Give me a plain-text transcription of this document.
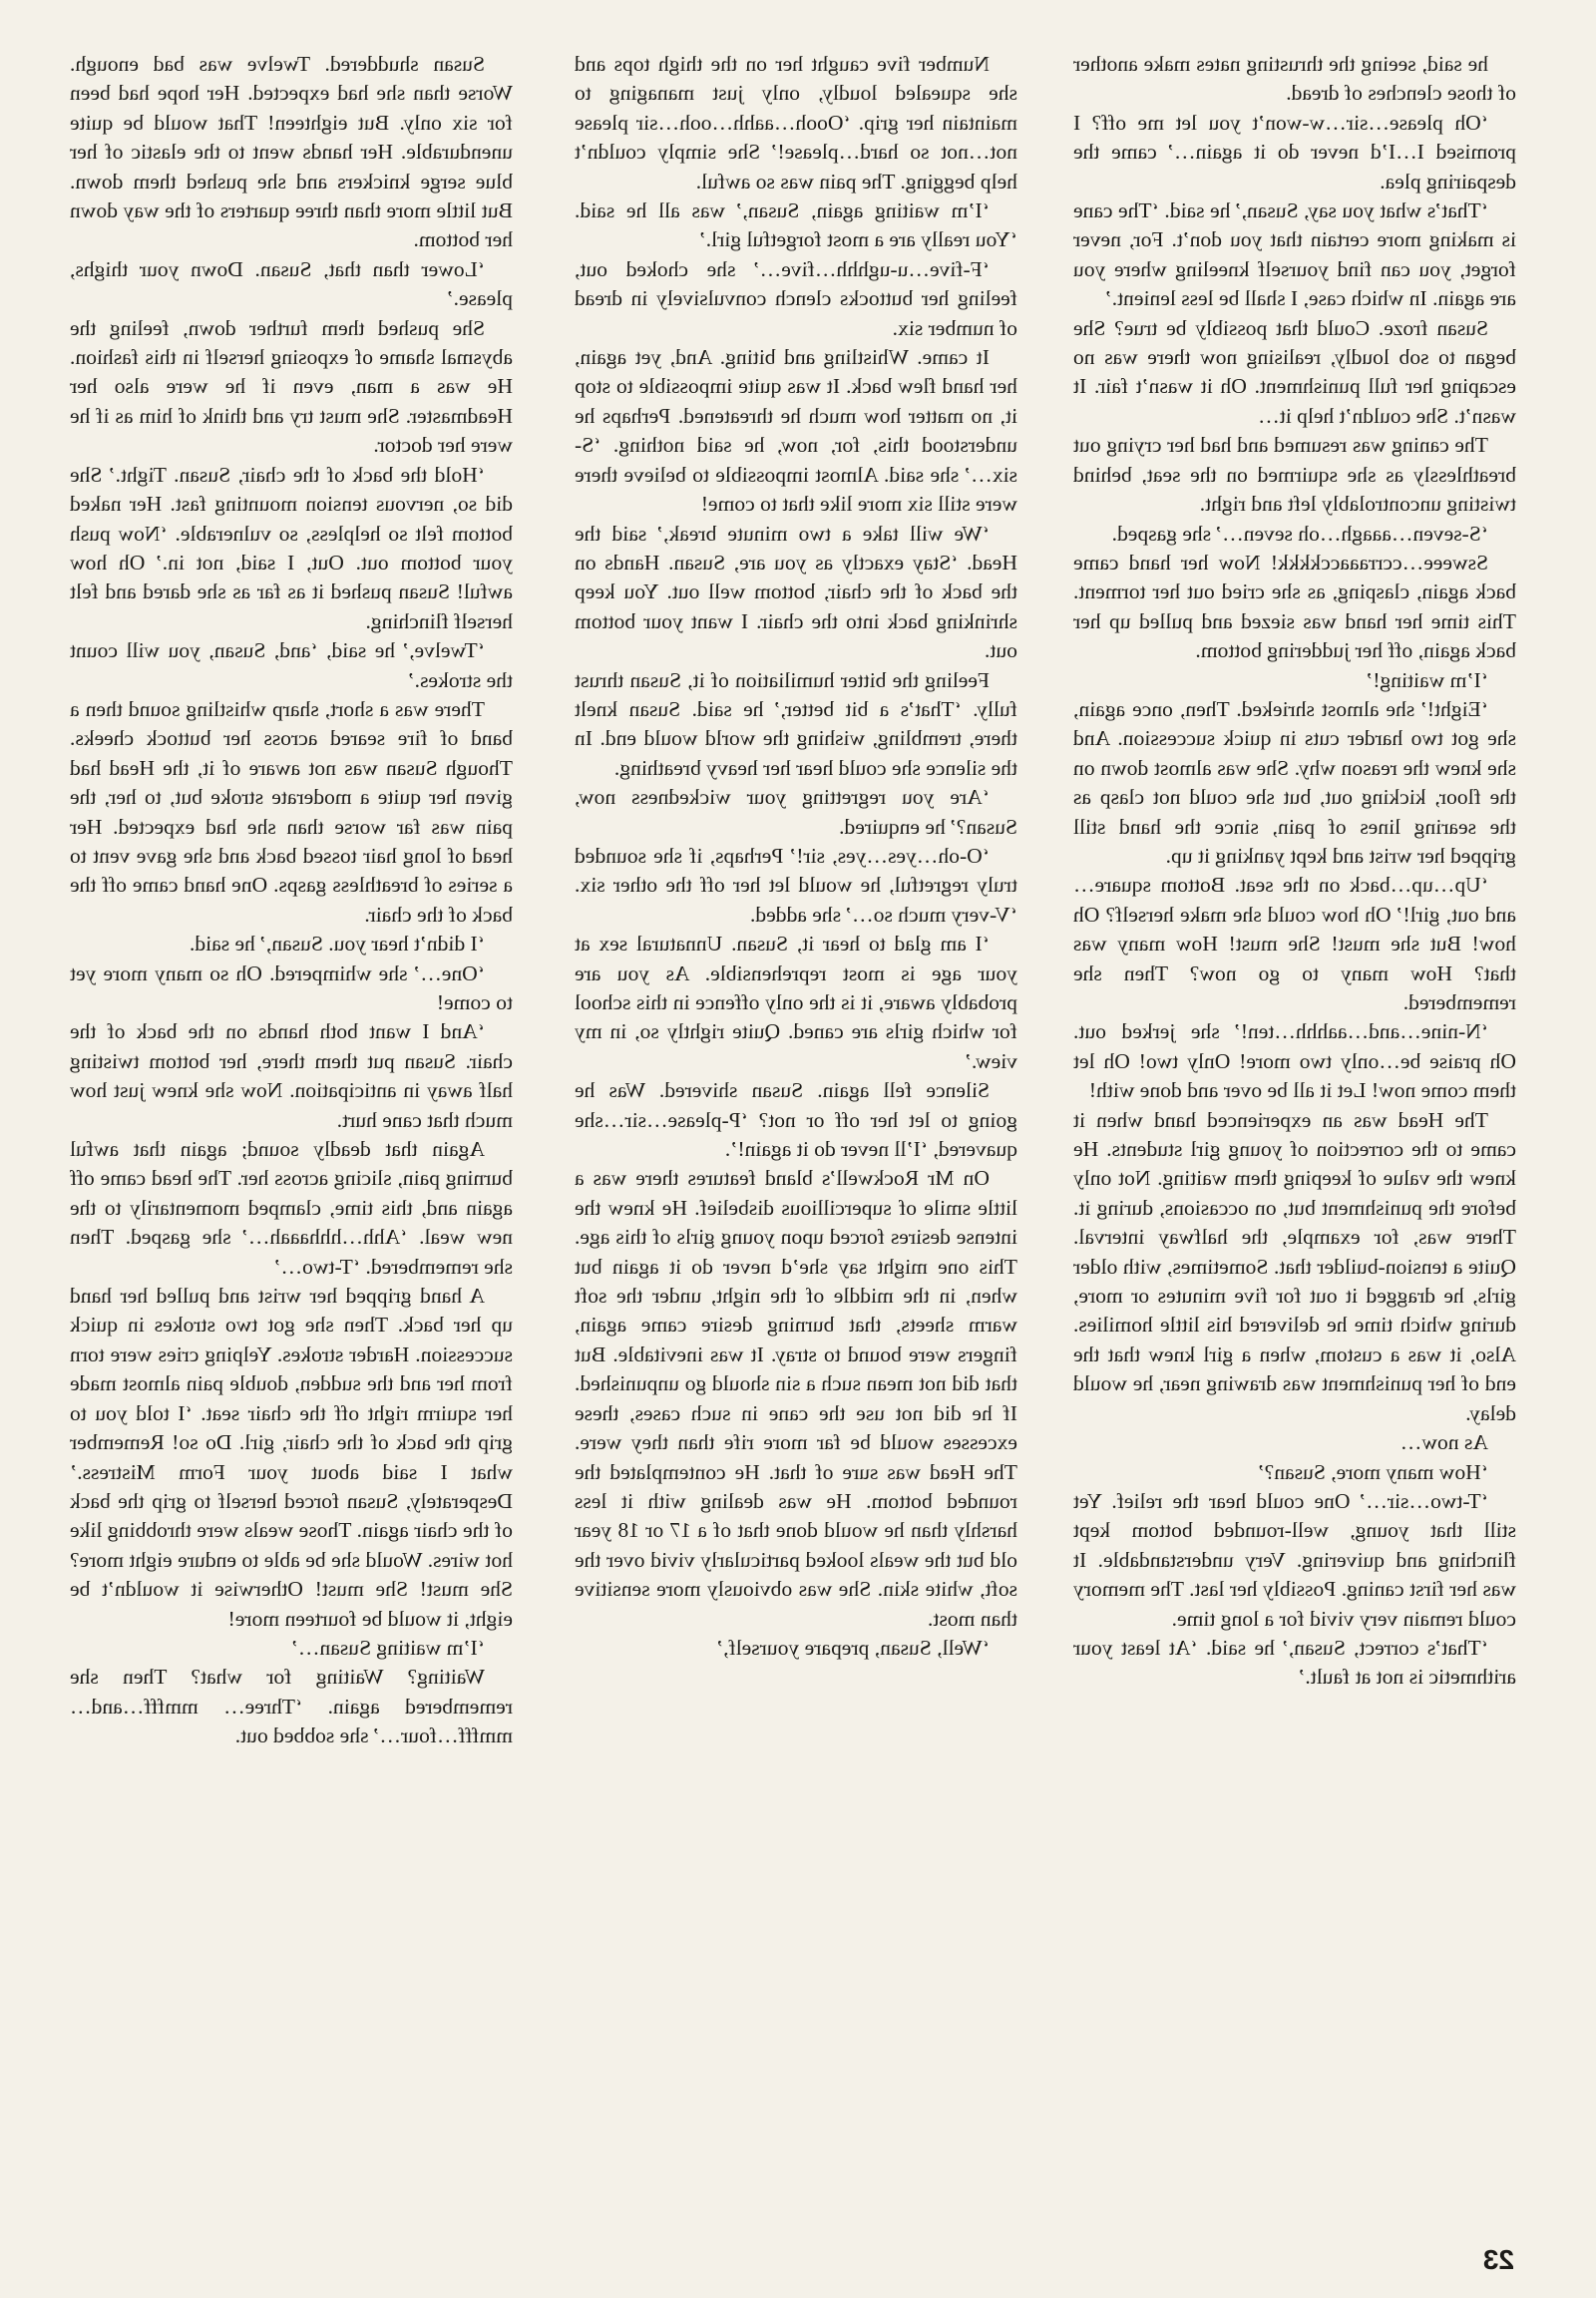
he said, seeing the thrusting nates make another of those clenches of dread.

‘Oh please…sir…w-won’t you let me off? I promised I…I’d never do it again…’ came the despairing plea.

‘That’s what you say, Susan,’ he said. ‘The cane is making more certain that you don’t. For, never forget, you can find yourself kneeling where you are again. In which case, I shall be less lenient.’

Susan froze. Could that possibly be true? She began to sob loudly, realising now there was no escaping her full punishment. Oh it wasn’t fair. It wasn’t. She couldn’t help it…

The caning was resumed and had her crying out breathlessly as she squirmed on the seat, behind twisting uncontrolably left and right.

‘S-seven…aaagh…oh seven…’ she gasped.

Ssweee…ccrraaacckkkk! Now her hand came back again, clasping, as she cried out her torment. This time her hand was siezed and pulled up her back again, off her juddering bottom.

‘I’m waiting!’

‘Eight!’ she almost shrieked. Then, once again, she got two harder cuts in quick succession. And she knew the reason why. She was almost down on the floor, kicking out, but she could not clasp as the searing lines of pain, since the hand still gripped her wrist and kept yanking it up.

‘Up…up…back on the seat. Bottom square…and out, girl!’ Oh how could she make herself? Oh how! But she must! She must! How many was that? How many to go now? Then she remembered.

‘N-nine…and…aahhh…ten!’ she jerked out. Oh praise be…only two more! Only two! Oh let them come now! Let it all be over and done with!

The Head was an experienced hand when it came to the correction of young girl students. He knew the value of keeping them waiting. Not only before the punishment but, on occasions, during it. There was, for example, the halfway interval. Quite a tension-builder that. Sometimes, with older girls, he dragged it out for five minutes or more, during which time he delivered his little homilies. Also, it was a custom, when a girl knew that the end of her punishment was drawing near, he would delay.

As now…

‘How many more, Susan?’

‘T-two…sir…’ One could hear the relief. Yet still that young, well-rounded bottom kept flinching and quivering. Very understandable. It was her first caning. Possibly her last. The memory could remain very vivid for a long time.

‘That’s correct, Susan,’ he said. ‘At least your arithmetic is not at fault.’

Number five caught her on the thigh tops and she squealed loudly, only just managing to maintain her grip. ‘Oooh…aahh…ooh…sir please not…not so hard…please!’ She simply couldn’t help begging. The pain was so awful.

‘I’m waiting again, Susan,’ was all he said. ‘You really are a most forgetful girl.’

‘F-five…u-ughhh…five…’ she choked out, feeling her buttocks clench convulsively in dread of number six.

It came. Whistling and biting. And, yet again, her hand flew back. It was quite impossible to stop it, no matter how much he threatened. Perhaps he understood this, for, now, he said nothing. ‘S-six…’ she said. Almost impossible to believe there were still six more like that to come!

‘We will take a two minute break,’ said the Head. ‘Stay exactly as you are, Susan. Hands on the back of the chair, bottom well out. You keep shrinking back into the chair. I want your bottom out.

Feeling the bitter humiliation of it, Susan thrust fully. ‘That’s a bit better,’ he said. Susan knelt there, trembling, wishing the world would end. In the silence she could hear her heavy breathing.

‘Are you regretting your wickedness now, Susan?’ he enquired.

‘O-oh…yes…yes, sir!’ Perhaps, if she sounded truly regretful, he would let her off the other six. ‘V-very much so…’ she added.

‘I am glad to hear it, Susan. Unnatural sex at your age is most reprehensible. As you are probably aware, it is the only offence in this school for which girls are caned. Quite rightly so, in my view.’

Silence fell again. Susan shivered. Was he going to let her off or not? ‘P-please…sir…she quavered, ‘I’ll never do it again!’.

On Mr Rockwell’s bland features there was a little smile of supercillious disbelief. He knew the intense desires forced upon young girls of this age. This one might say she’d never do it again but when, in the middle of the night, under the soft warm sheets, that burning desire came again, fingers were bound to stray. It was inevitable. But that did not mean such a sin should go unpunished. If he did not use the cane in such cases, these excesses would be far more rife than they were. The Head was sure of that. He contemplated the rounded bottom. He was dealing with it less harshly than he would done that of a 17 or 18 year old but the weals looked particularly vivid over the soft, white skin. She was obviously more sensitive than most.

‘Well, Susan, prepare yourself,’

Susan shuddered. Twelve was bad enough. Worse than she had expected. Her hope had been for six only. But eighteen! That would be quite unendurable. Her hands went to the elastic of her blue serge knickers and she pushed them down. But little more than three quarters of the way down her bottom.

‘Lower than that, Susan. Down your thighs, please.’

She pushed them further down, feeling the abysmal shame of exposing herself in this fashion. He was a man, even if he were also her Headmaster. She must try and think of him as if he were her doctor.

‘Hold the back of the chair, Susan. Tight.’ She did so, nervous tension mounting fast. Her naked bottom felt so helpless, so vulnerable. ‘Now push your bottom out. Out, I said, not in.’ Oh how awful! Susan pushed it as far as she dared and felt herself flinching.

‘Twelve,’ he said, ‘and, Susan, you will count the strokes.’

There was a short, sharp whistling sound then a band of fire seared across her buttock cheeks. Though Susan was not aware of it, the Head had given her quite a moderate stroke but, to her, the pain was far worse than she had expected. Her head of long hair tossed back and she gave vent to a series of breathless gasps. One hand came off the back of the chair.

‘I didn’t hear you. Susan,’ he said.

‘One…’ she whimpered. Oh so many more yet to come!

‘And I want both hands on the back of the chair. Susan put them there, her bottom twisting half away in anticipation. Now she knew just how much that cane hurt.

Again that deadly sound; again that awful burning pain, slicing across her. The head came off again and, this time, clamped momentarily to the new weal. ‘Ahh…hhhaaah…’ she gasped. Then she remembered. ‘T-two…’

A hand gripped her wrist and pulled her hand up her back. Then she got two strokes in quick succession. Harder strokes. Yelping cries were torn from her and the sudden, double pain almost made her squirm right off the chair seat. ‘I told you to grip the back of the chair, girl. Do so! Remember what I said about your Form Mistress.’ Desperately, Susan forced herself to grip the back of the chair again. Those weals were throbbing like hot wires. Would she be able to endure eight more? She must! She must! Otherwise it wouldn’t be eight, it would be fourteen more!

‘I’m waiting Susan…’

Waiting? Waiting for what? Then she remembered again. ‘Three… mmfff…and…mmfff…four…’ she sobbed out.

23
